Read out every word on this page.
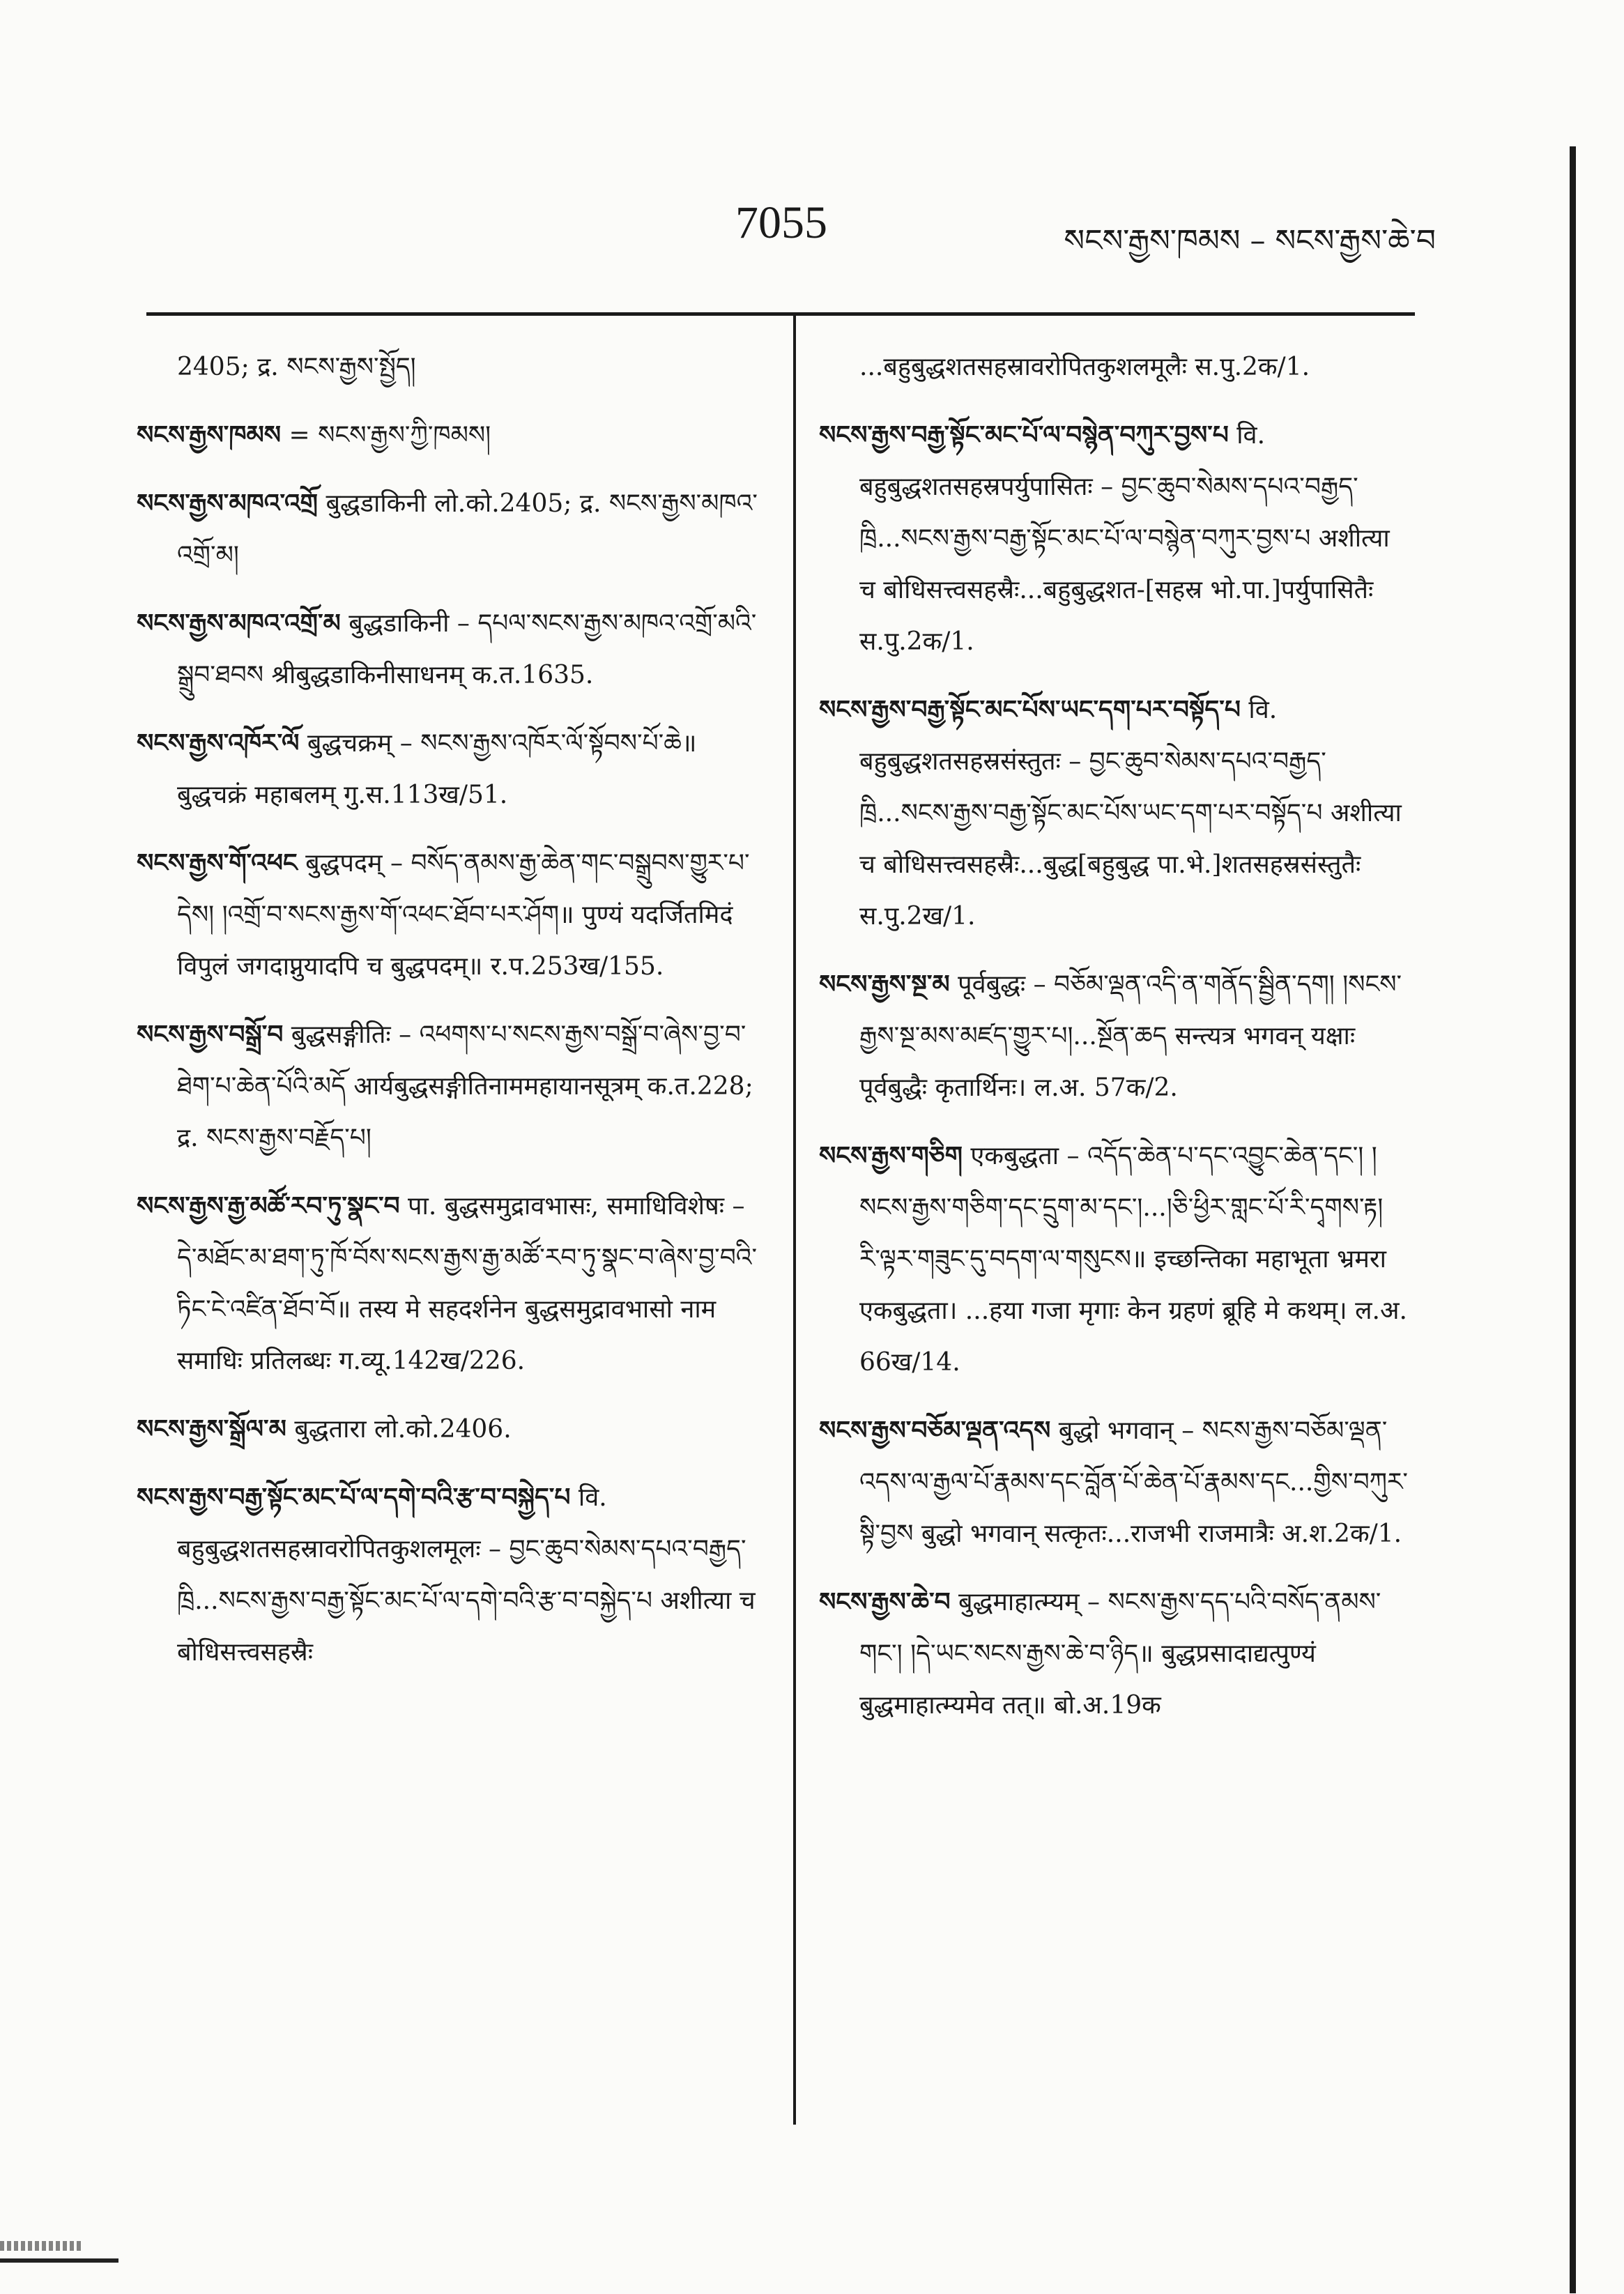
7055	སངས་རྒྱས་ཁམས – སངས་རྒྱས་ཆེ་བ
2405; द्र. སངས་རྒྱས་སྤྱོད།
སངས་རྒྱས་ཁམས = སངས་རྒྱས་ཀྱི་ཁམས།
སངས་རྒྱས་མཁའ་འགྲོ बुद्धडाकिनी लो.को.2405; द्र. སངས་རྒྱས་མཁའ་འགྲོ་མ།
སངས་རྒྱས་མཁའ་འགྲོ་མ बुद्धडाकिनी – དཔལ་སངས་རྒྱས་མཁའ་འགྲོ་མའི་སྒྲུབ་ཐབས श्रीबुद्धडाकिनीसाधनम् क.त.1635.
སངས་རྒྱས་འཁོར་ལོ बुद्धचक्रम् – སངས་རྒྱས་འཁོར་ལོ་སྟོབས་པོ་ཆེ॥ बुद्धचक्रं महाबलम् गु.स.113ख/51.
སངས་རྒྱས་གོ་འཕང बुद्धपदम् – བསོད་ནམས་རྒྱ་ཆེན་གང་བསྒྲུབས་གྱུར་པ་དེས། །འགྲོ་བ་སངས་རྒྱས་གོ་འཕང་ཐོབ་པར་ཤོག॥ पुण्यं यदर्जितमिदं विपुलं जगदाप्नुयादपि च बुद्धपदम्॥ र.प.253ख/155.
སངས་རྒྱས་བསྒྲོ་བ बुद्धसङ्गीतिः – འཕགས་པ་སངས་རྒྱས་བསྒྲོ་བ་ཞེས་བྱ་བ་ཐེག་པ་ཆེན་པོའི་མདོ आर्यबुद्धसङ्गीतिनाममहायानसूत्रम् क.त.228; द्र. སངས་རྒྱས་བརྗོད་པ།
སངས་རྒྱས་རྒྱ་མཚོ་རབ་ཏུ་སྣང་བ पा. बुद्धसमुद्रावभासः, समाधिविशेषः – དེ་མཐོང་མ་ཐག་ཏུ་ཁོ་བོས་སངས་རྒྱས་རྒྱ་མཚོ་རབ་ཏུ་སྣང་བ་ཞེས་བྱ་བའི་ཏིང་ངེ་འཛིན་ཐོབ་བོ॥ तस्य मे सहदर्शनेन बुद्धसमुद्रावभासो नाम समाधिः प्रतिलब्धः ग.व्यू.142ख/226.
སངས་རྒྱས་སྒྲོལ་མ बुद्धतारा लो.को.2406.
སངས་རྒྱས་བརྒྱ་སྟོང་མང་པོ་ལ་དགེ་བའི་རྩ་བ་བསྐྱེད་པ वि. बहुबुद्धशतसहस्रावरोपितकुशलमूलः – བྱང་ཆུབ་སེམས་དཔའ་བརྒྱད་ཁྲི...སངས་རྒྱས་བརྒྱ་སྟོང་མང་པོ་ལ་དགེ་བའི་རྩ་བ་བསྐྱེད་པ अशीत्या च बोधिसत्त्वसहस्रैः
...बहुबुद्धशतसहस्रावरोपितकुशलमूलैः स.पु.2क/1.
སངས་རྒྱས་བརྒྱ་སྟོང་མང་པོ་ལ་བསྙེན་བཀུར་བྱས་པ वि. बहुबुद्धशतसहस्रपर्युपासितः – བྱང་ཆུབ་སེམས་དཔའ་བརྒྱད་ཁྲི...སངས་རྒྱས་བརྒྱ་སྟོང་མང་པོ་ལ་བསྙེན་བཀུར་བྱས་པ अशीत्या च बोधिसत्त्वसहस्रैः...बहुबुद्धशत-[सहस्र भो.पा.]पर्युपासितैः स.पु.2क/1.
སངས་རྒྱས་བརྒྱ་སྟོང་མང་པོས་ཡང་དག་པར་བསྟོད་པ वि. बहुबुद्धशतसहस्रसंस्तुतः – བྱང་ཆུབ་སེམས་དཔའ་བརྒྱད་ཁྲི...སངས་རྒྱས་བརྒྱ་སྟོང་མང་པོས་ཡང་དག་པར་བསྟོད་པ अशीत्या च बोधिसत्त्वसहस्रैः...बुद्ध[बहुबुद्ध पा.भे.]शतसहस्रसंस्तुतैः स.पु.2ख/1.
སངས་རྒྱས་སྔ་མ पूर्वबुद्धः – བཅོམ་ལྡན་འདི་ན་གནོད་སྦྱིན་དག། །སངས་རྒྱས་སྔ་མས་མཛད་གྱུར་པ།...སྔོན་ཆད सन्त्यत्र भगवन् यक्षाः पूर्वबुद्धैः कृतार्थिनः। ल.अ. 57क/2.
སངས་རྒྱས་གཅིག एकबुद्धता – འདོད་ཆེན་པ་དང་འབྱུང་ཆེན་དང་། །སངས་རྒྱས་གཅིག་དང་དྲུག་མ་དང་།...།ཅི་ཕྱིར་གླང་པོ་རི་དྭགས་རྟ། རི་ལྟར་གཟུང་དུ་བདག་ལ་གསུངས॥ इच्छन्तिका महाभूता भ्रमरा एकबुद्धता। ...हया गजा मृगाः केन ग्रहणं ब्रूहि मे कथम्। ल.अ. 66ख/14.
སངས་རྒྱས་བཅོམ་ལྡན་འདས बुद्धो भगवान् – སངས་རྒྱས་བཅོམ་ལྡན་འདས་ལ་རྒྱལ་པོ་རྣམས་དང་བློན་པོ་ཆེན་པོ་རྣམས་དང...གྱིས་བཀུར་སྟི་བྱས बुद्धो भगवान् सत्कृतः...राजभी राजमात्रैः अ.श.2क/1.
སངས་རྒྱས་ཆེ་བ बुद्धमाहात्म्यम् – སངས་རྒྱས་དད་པའི་བསོད་ནམས་གང་། །དེ་ཡང་སངས་རྒྱས་ཆེ་བ་ཉིད॥ बुद्धप्रसादाद्यत्पुण्यं बुद्धमाहात्म्यमेव तत्॥ बो.अ.19क
